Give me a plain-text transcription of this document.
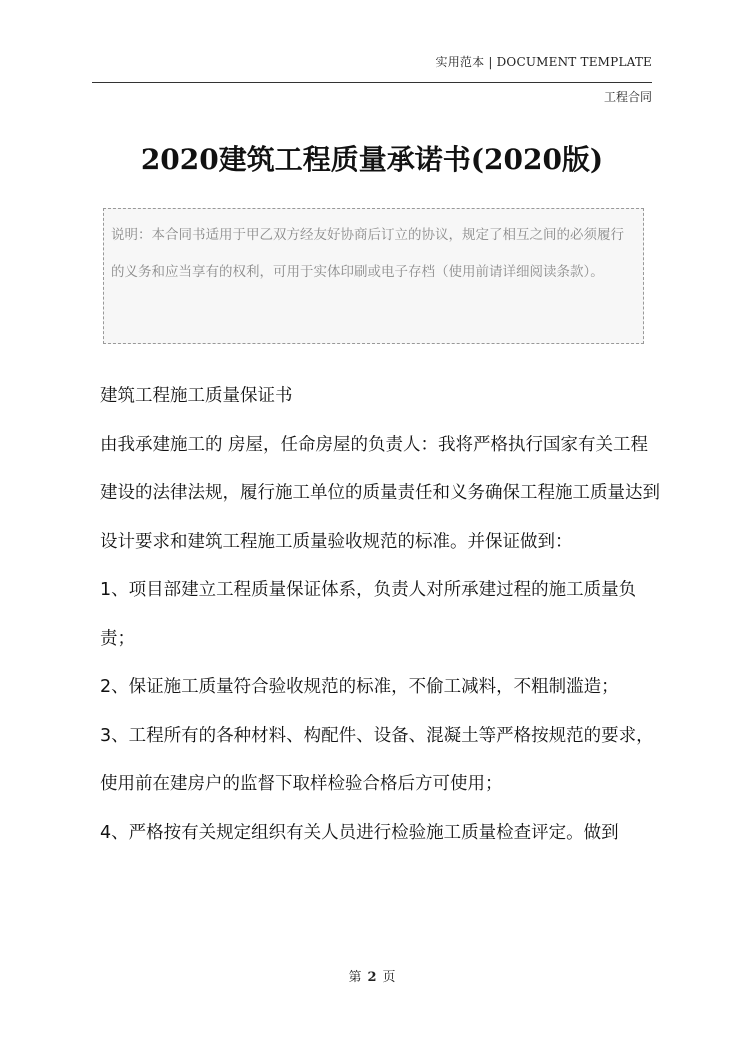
实用范本 | DOCUMENT TEMPLATE
工程合同
2020建筑工程质量承诺书(2020版)
说明：本合同书适用于甲乙双方经友好协商后订立的协议，规定了相互之间的必须履行的义务和应当享有的权利，可用于实体印刷或电子存档（使用前请详细阅读条款）。

建筑工程施工质量保证书

由我承建施工的 房屋，任命房屋的负责人：我将严格执行国家有关工程建设的法律法规，履行施工单位的质量责任和义务确保工程施工质量达到设计要求和建筑工程施工质量验收规范的标准。并保证做到：

1、项目部建立工程质量保证体系，负责人对所承建过程的施工质量负责；

2、保证施工质量符合验收规范的标准，不偷工减料，不粗制滥造；

3、工程所有的各种材料、构配件、设备、混凝土等严格按规范的要求，使用前在建房户的监督下取样检验合格后方可使用；

4、严格按有关规定组织有关人员进行检验施工质量检查评定。做到

第 2 页
